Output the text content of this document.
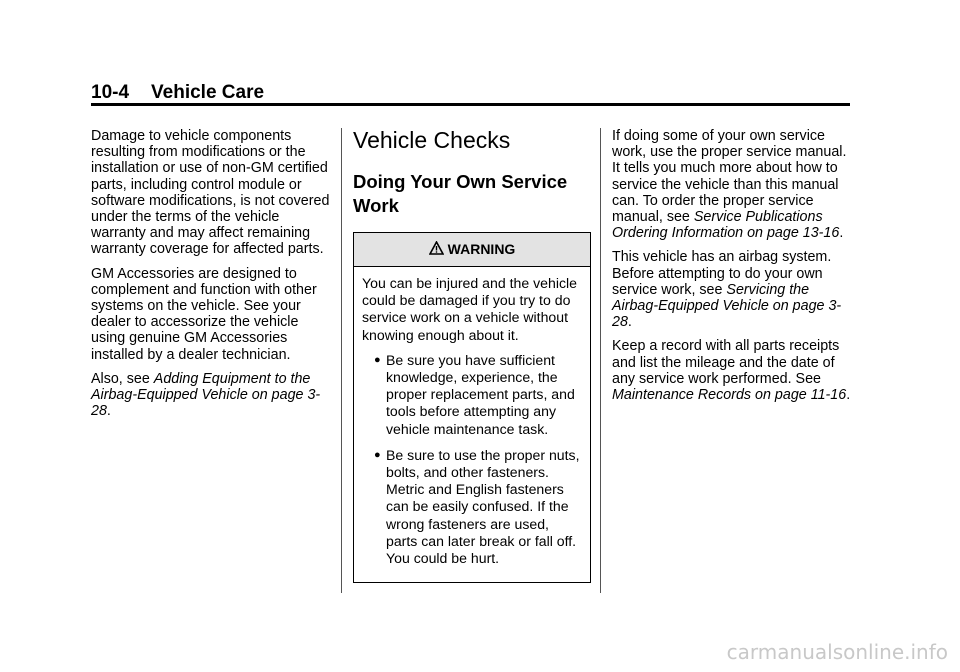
10-4 Vehicle Care

Damage to vehicle components resulting from modifications or the installation or use of non-GM certified parts, including control module or software modifications, is not covered under the terms of the vehicle warranty and may affect remaining warranty coverage for affected parts.

GM Accessories are designed to complement and function with other systems on the vehicle. See your dealer to accessorize the vehicle using genuine GM Accessories installed by a dealer technician.

Also, see Adding Equipment to the Airbag-Equipped Vehicle on page 3-28.

Vehicle Checks
Doing Your Own Service Work
WARNING

You can be injured and the vehicle could be damaged if you try to do service work on a vehicle without knowing enough about it.

● Be sure you have sufficient knowledge, experience, the proper replacement parts, and tools before attempting any vehicle maintenance task.
● Be sure to use the proper nuts, bolts, and other fasteners. Metric and English fasteners can be easily confused. If the wrong fasteners are used, parts can later break or fall off. You could be hurt.

If doing some of your own service work, use the proper service manual. It tells you much more about how to service the vehicle than this manual can. To order the proper service manual, see Service Publications Ordering Information on page 13-16.

This vehicle has an airbag system. Before attempting to do your own service work, see Servicing the Airbag-Equipped Vehicle on page 3-28.

Keep a record with all parts receipts and list the mileage and the date of any service work performed. See Maintenance Records on page 11-16.

carmanualsonline.info
